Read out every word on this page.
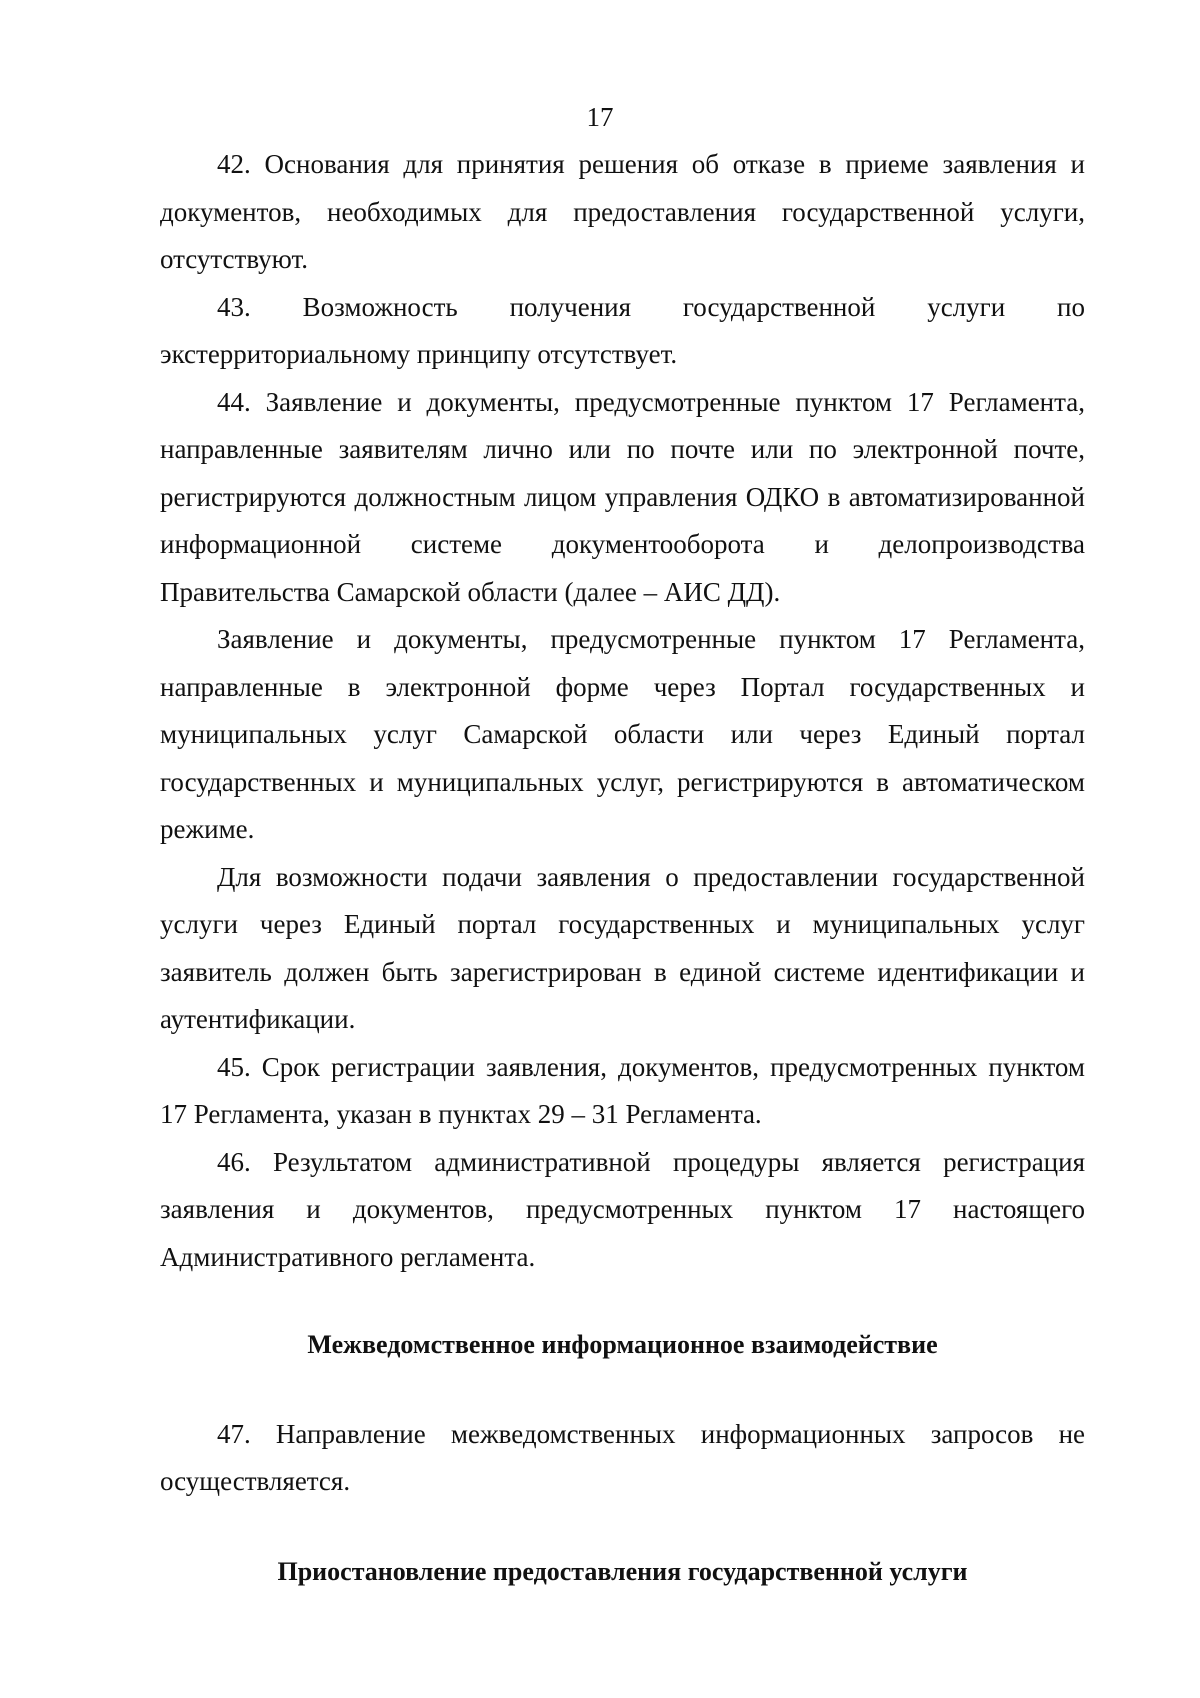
17

42. Основания для принятия решения об отказе в приеме заявления и документов, необходимых для предоставления государственной услуги, отсутствуют.

43. Возможность получения государственной услуги по экстерриториальному принципу отсутствует.

44. Заявление и документы, предусмотренные пунктом 17 Регламента, направленные заявителям лично или по почте или по электронной почте, регистрируются должностным лицом управления ОДКО в автоматизированной информационной системе документооборота и делопроизводства Правительства Самарской области (далее – АИС ДД).

Заявление и документы, предусмотренные пунктом 17 Регламента, направленные в электронной форме через Портал государственных и муниципальных услуг Самарской области или через Единый портал государственных и муниципальных услуг, регистрируются в автоматическом режиме.

Для возможности подачи заявления о предоставлении государственной услуги через Единый портал государственных и муниципальных услуг заявитель должен быть зарегистрирован в единой системе идентификации и аутентификации.

45. Срок регистрации заявления, документов, предусмотренных пунктом 17 Регламента, указан в пунктах 29 – 31 Регламента.

46. Результатом административной процедуры является регистрация заявления и документов, предусмотренных пунктом 17 настоящего Административного регламента.

Межведомственное информационное взаимодействие

47. Направление межведомственных информационных запросов не осуществляется.

Приостановление предоставления государственной услуги
